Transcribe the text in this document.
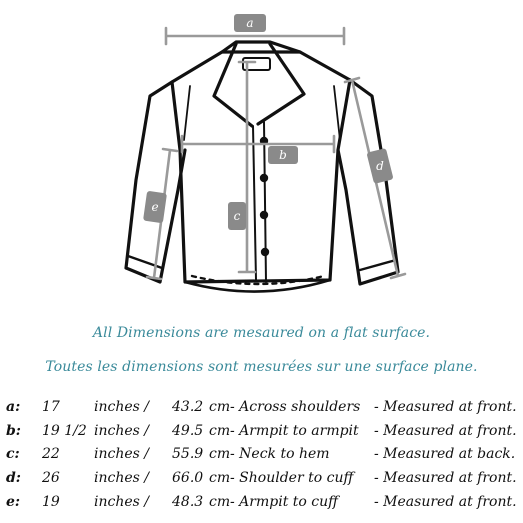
a
b
c
d
e
All Dimensions are mesaured on a flat surface.
Toutes les dimensions sont mesurées sur une surface plane.
a: 17 inches / 43.2 cm - Across shoulders - Measured at front.
b: 19 1/2 inches / 49.5 cm - Armpit to armpit - Measured at front.
c: 22 inches / 55.9 cm - Neck to hem	- Measured at back.
d: 26 inches / 66.0 cm - Shoulder to cuff - Measured at front.
e: 19 inches / 48.3 cm - Armpit to cuff	- Measured at front.
